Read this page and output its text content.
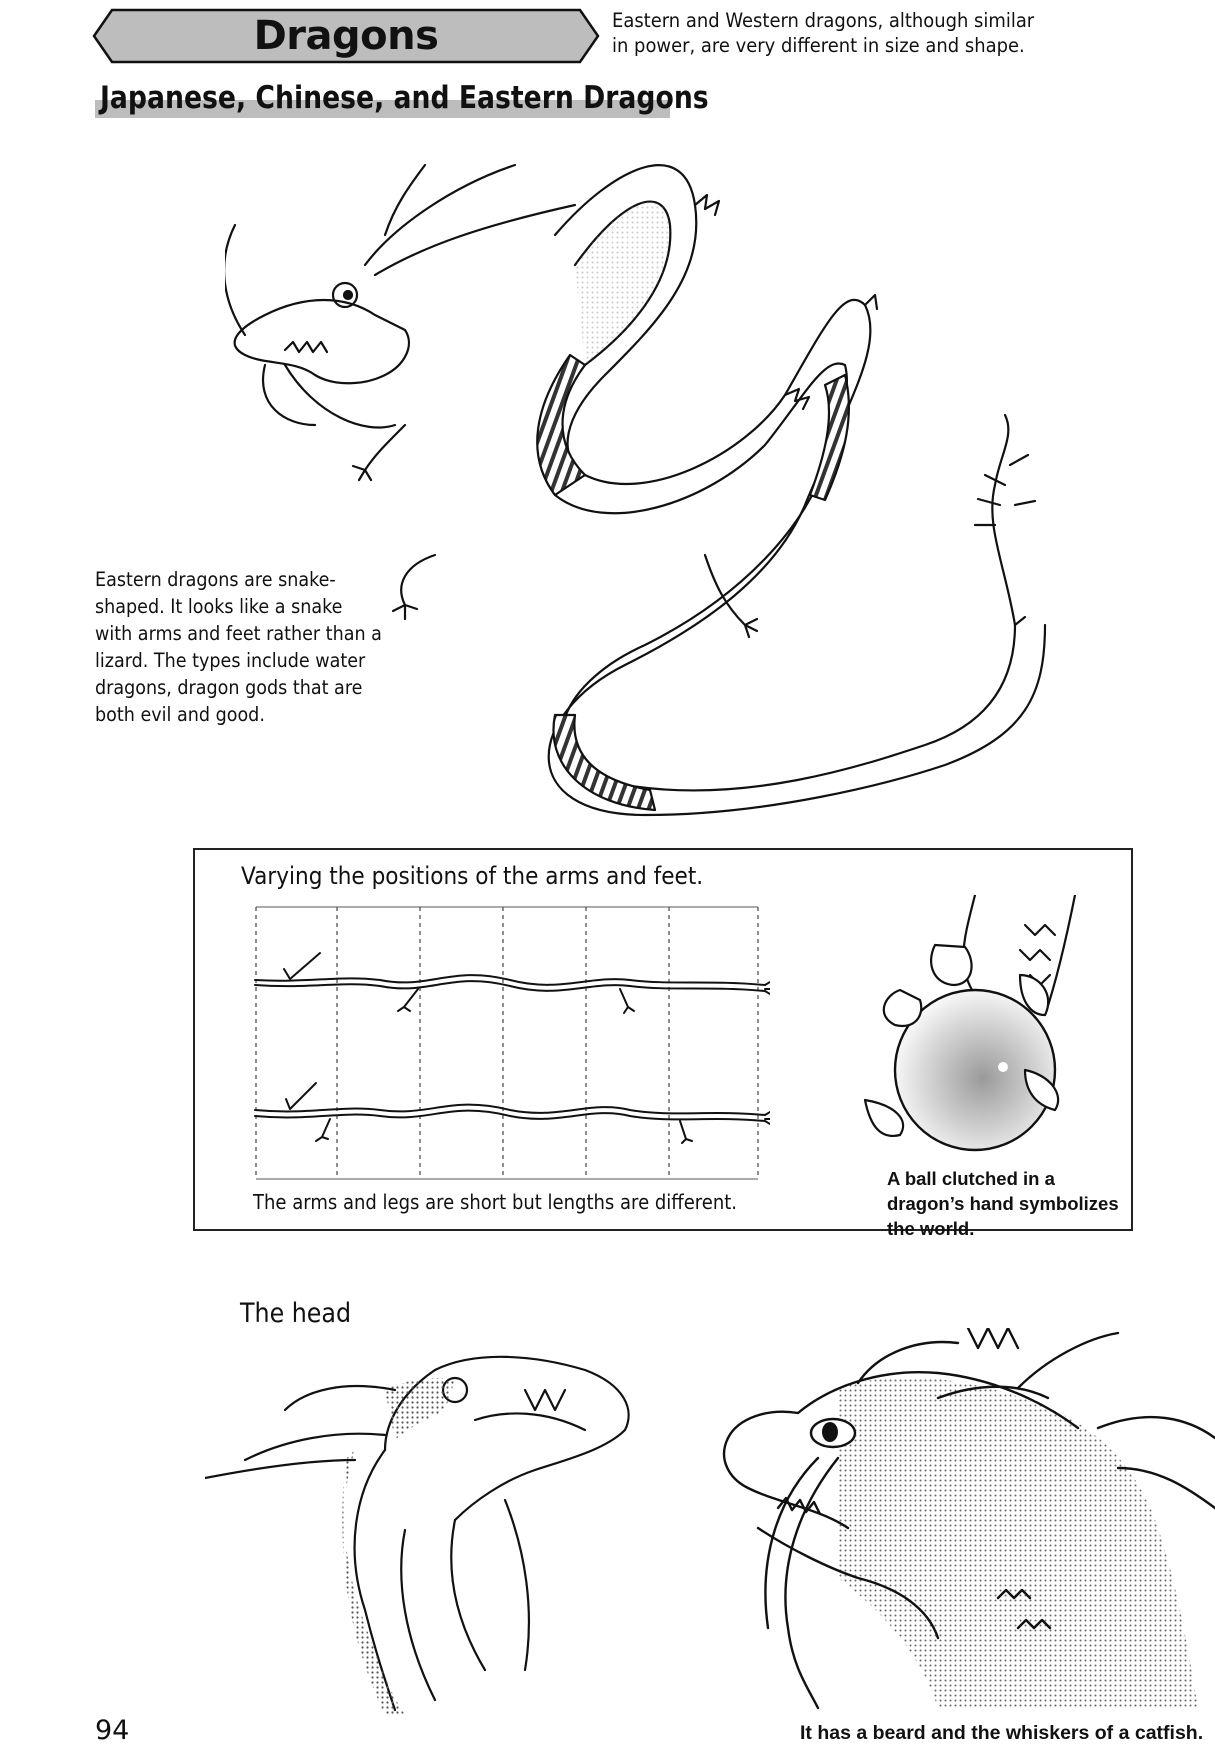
Dragons	Eastern and Western dragons, although similar in power, are very different in size and shape.
Japanese, Chinese, and Eastern Dragons
Eastern dragons are snake-shaped. It looks like a snake with arms and feet rather than a lizard. The types include water dragons, dragon gods that are both evil and good.
Varying the positions of the arms and feet.
The arms and legs are short but lengths are different.
A ball clutched in a dragon’s hand symbolizes the world.
The head
94	It has a beard and the whiskers of a catfish.
